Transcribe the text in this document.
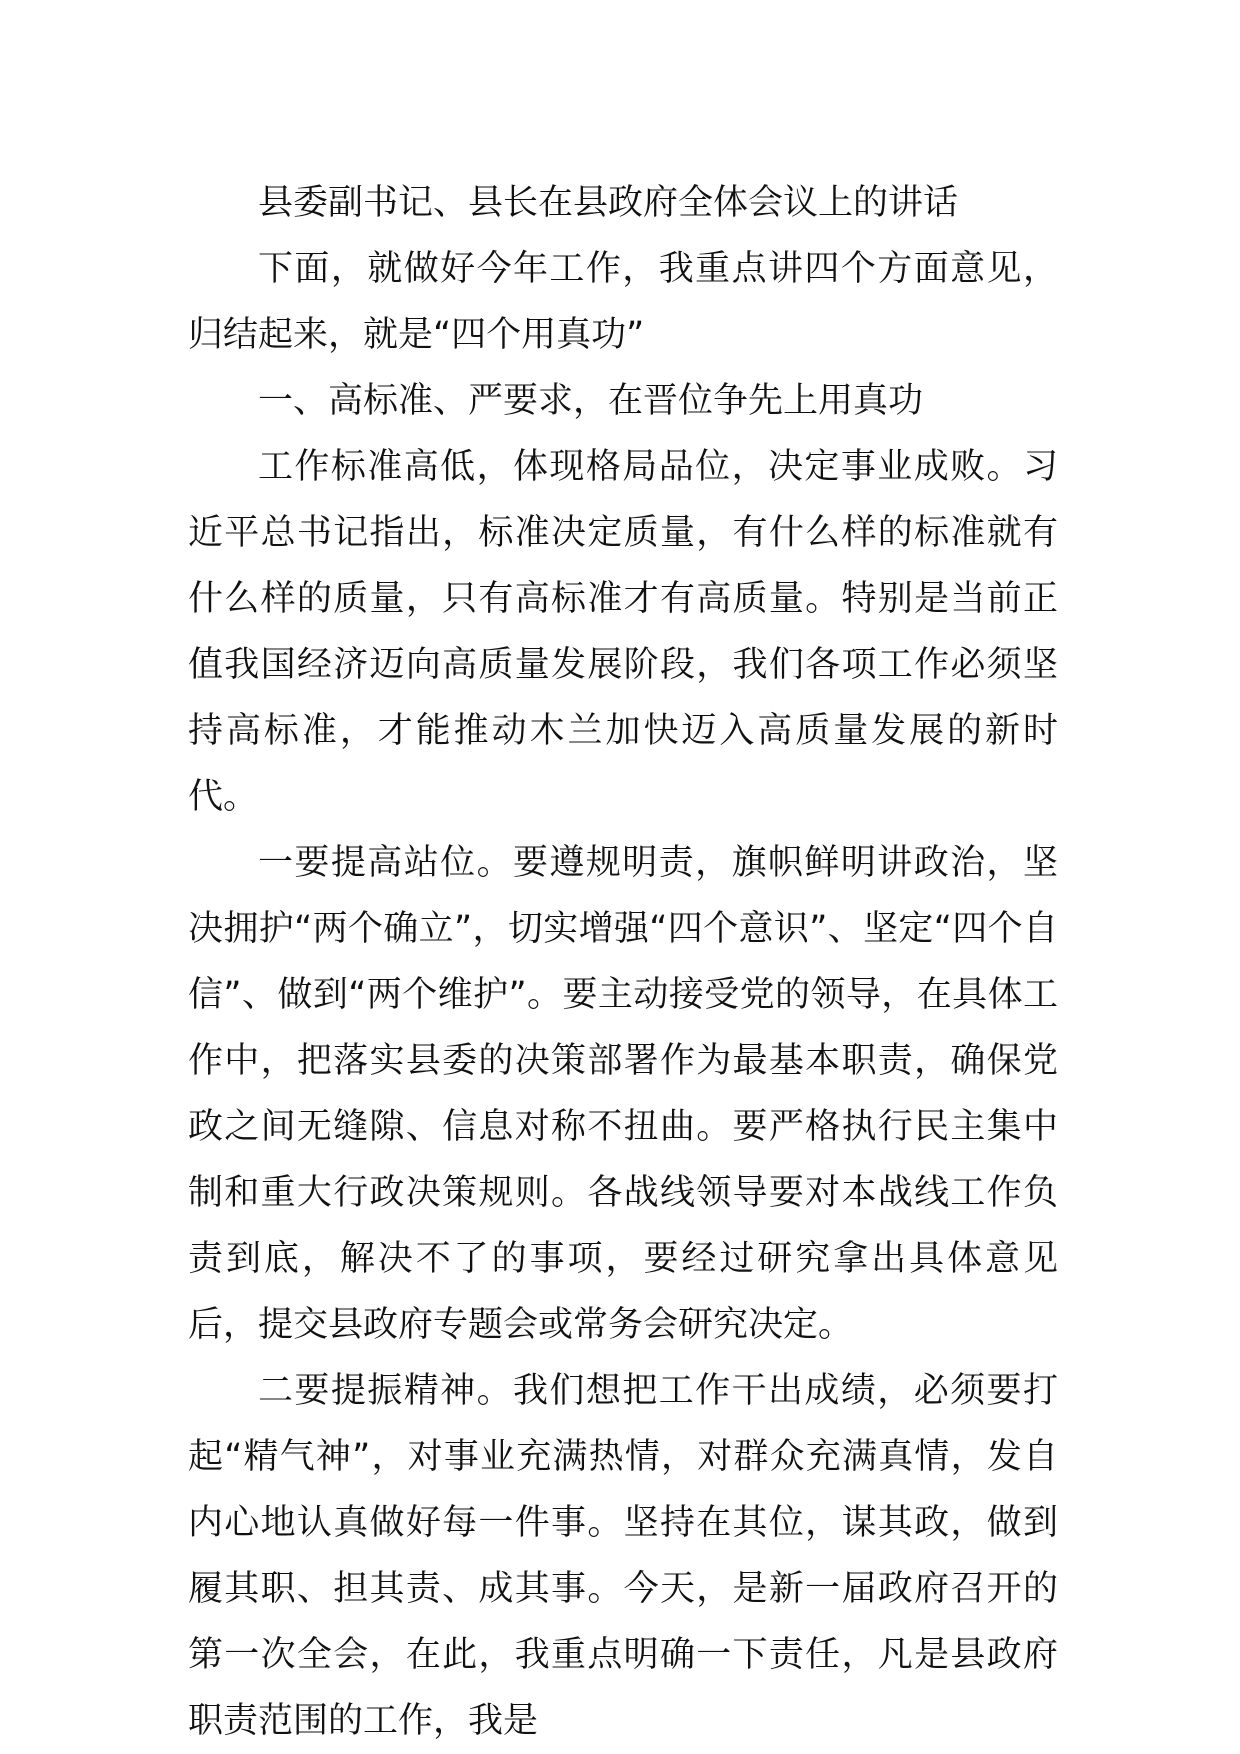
县委副书记、县长在县政府全体会议上的讲话

下面，就做好今年工作，我重点讲四个方面意见，归结起来，就是“四个用真功”

一、高标准、严要求，在晋位争先上用真功

工作标准高低，体现格局品位，决定事业成败。习近平总书记指出，标准决定质量，有什么样的标准就有什么样的质量，只有高标准才有高质量。特别是当前正值我国经济迈向高质量发展阶段，我们各项工作必须坚持高标准，才能推动木兰加快迈入高质量发展的新时代。

一要提高站位。要遵规明责，旗帜鲜明讲政治，坚决拥护“两个确立”，切实增强“四个意识”、坚定“四个自信”、做到“两个维护”。要主动接受党的领导，在具体工作中，把落实县委的决策部署作为最基本职责，确保党政之间无缝隙、信息对称不扭曲。要严格执行民主集中制和重大行政决策规则。各战线领导要对本战线工作负责到底，解决不了的事项，要经过研究拿出具体意见后，提交县政府专题会或常务会研究决定。

二要提振精神。我们想把工作干出成绩，必须要打起“精气神”，对事业充满热情，对群众充满真情，发自内心地认真做好每一件事。坚持在其位，谋其政，做到履其职、担其责、成其事。今天，是新一届政府召开的第一次全会，在此，我重点明确一下责任，凡是县政府职责范围的工作，我是
